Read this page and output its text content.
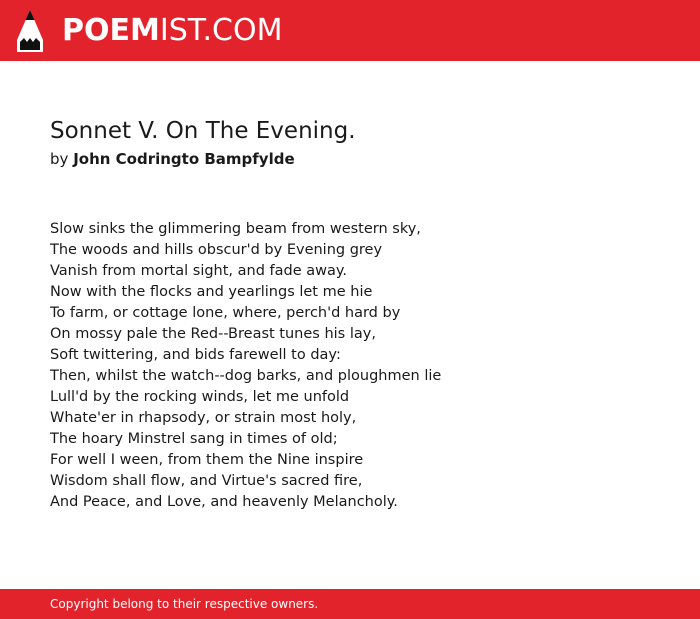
POEMIST.COM
Sonnet V. On The Evening.
by John Codringto Bampfylde
Slow sinks the glimmering beam from western sky,
The woods and hills obscur'd by Evening grey
Vanish from mortal sight, and fade away.
Now with the flocks and yearlings let me hie
To farm, or cottage lone, where, perch'd hard by
On mossy pale the Red--Breast tunes his lay,
Soft twittering, and bids farewell to day:
Then, whilst the watch--dog barks, and ploughmen lie
Lull'd by the rocking winds, let me unfold
Whate'er in rhapsody, or strain most holy,
The hoary Minstrel sang in times of old;
For well I ween, from them the Nine inspire
Wisdom shall flow, and Virtue's sacred fire,
And Peace, and Love, and heavenly Melancholy.
Copyright belong to their respective owners.
